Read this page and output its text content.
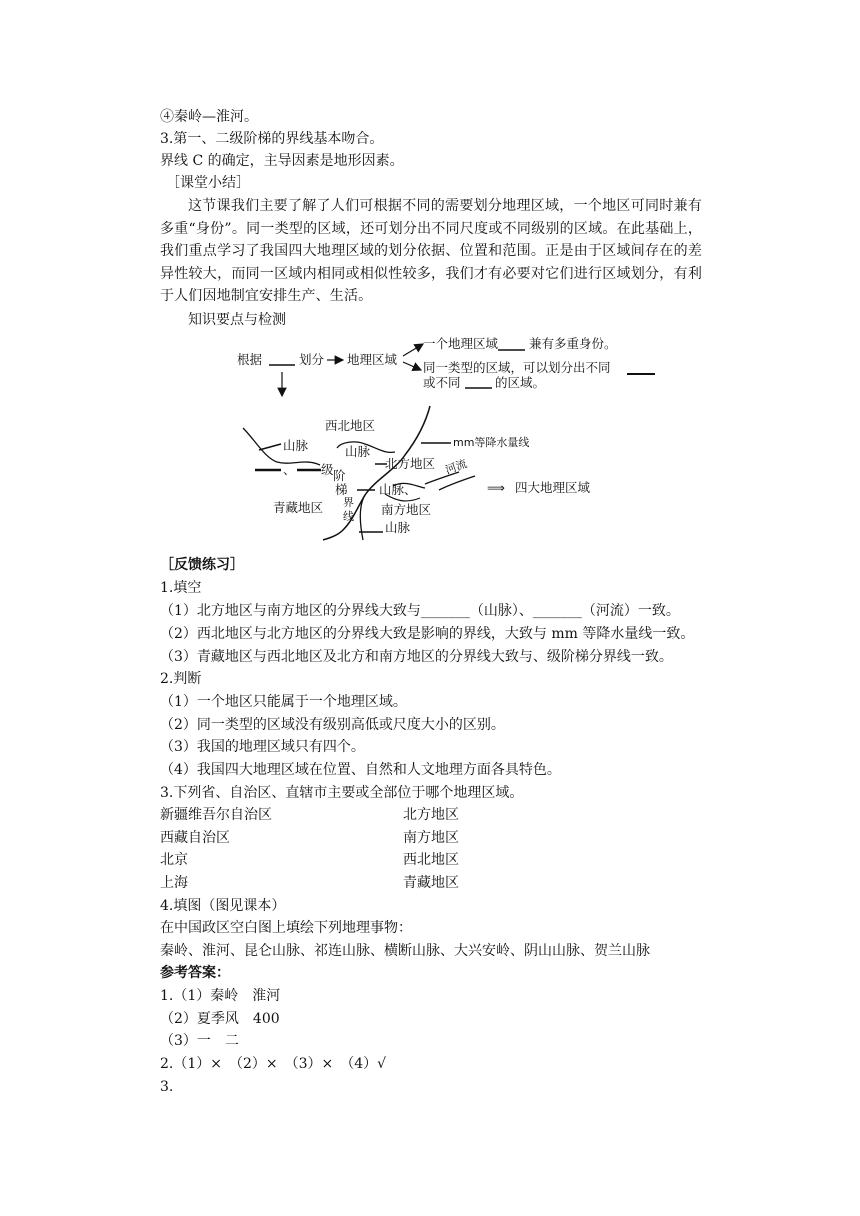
④秦岭—淮河。
3.第一、二级阶梯的界线基本吻合。
界线 C 的确定，主导因素是地形因素。
［课堂小结］
这节课我们主要了解了人们可根据不同的需要划分地理区域，一个地区可同时兼有多重“身份”。同一类型的区域，还可划分出不同尺度或不同级别的区域。在此基础上，我们重点学习了我国四大地理区域的划分依据、位置和范围。正是由于区域间存在的差异性较大，而同一区域内相同或相似性较多，我们才有必要对它们进行区域划分，有利于人们因地制宜安排生产、生活。
知识要点与检测
根据	划分 地理区域
一个地理区域 兼有多重身份。
同一类型的区域，可以划分出不同
或不同	的区域。
西北地区
山脉	山脉
、
mm等降水量线
北方地区
级 阶
梯
河流
山脉、	⟹ 四大地理区域
青藏地区 界
线 南方地区
山脉
［反馈练习］
1.填空
（1）北方地区与南方地区的分界线大致与_______（山脉）、_______（河流）一致。
（2）西北地区与北方地区的分界线大致是影响的界线，大致与 mm 等降水量线一致。
（3）青藏地区与西北地区及北方和南方地区的分界线大致与、级阶梯分界线一致。
2.判断
（1）一个地区只能属于一个地理区域。
（2）同一类型的区域没有级别高低或尺度大小的区别。
（3）我国的地理区域只有四个。
（4）我国四大地理区域在位置、自然和人文地理方面各具特色。
3.下列省、自治区、直辖市主要或全部位于哪个地理区域。
新疆维吾尔自治区	北方地区
西藏自治区	南方地区
北京	西北地区
上海	青藏地区
4.填图（图见课本）
在中国政区空白图上填绘下列地理事物：
秦岭、淮河、昆仑山脉、祁连山脉、横断山脉、大兴安岭、阴山山脉、贺兰山脉
参考答案：
1.（1）秦岭　淮河
（2）夏季风　400
（3）一　二
2.（1）×　（2）×　（3）×　（4）√
3.
